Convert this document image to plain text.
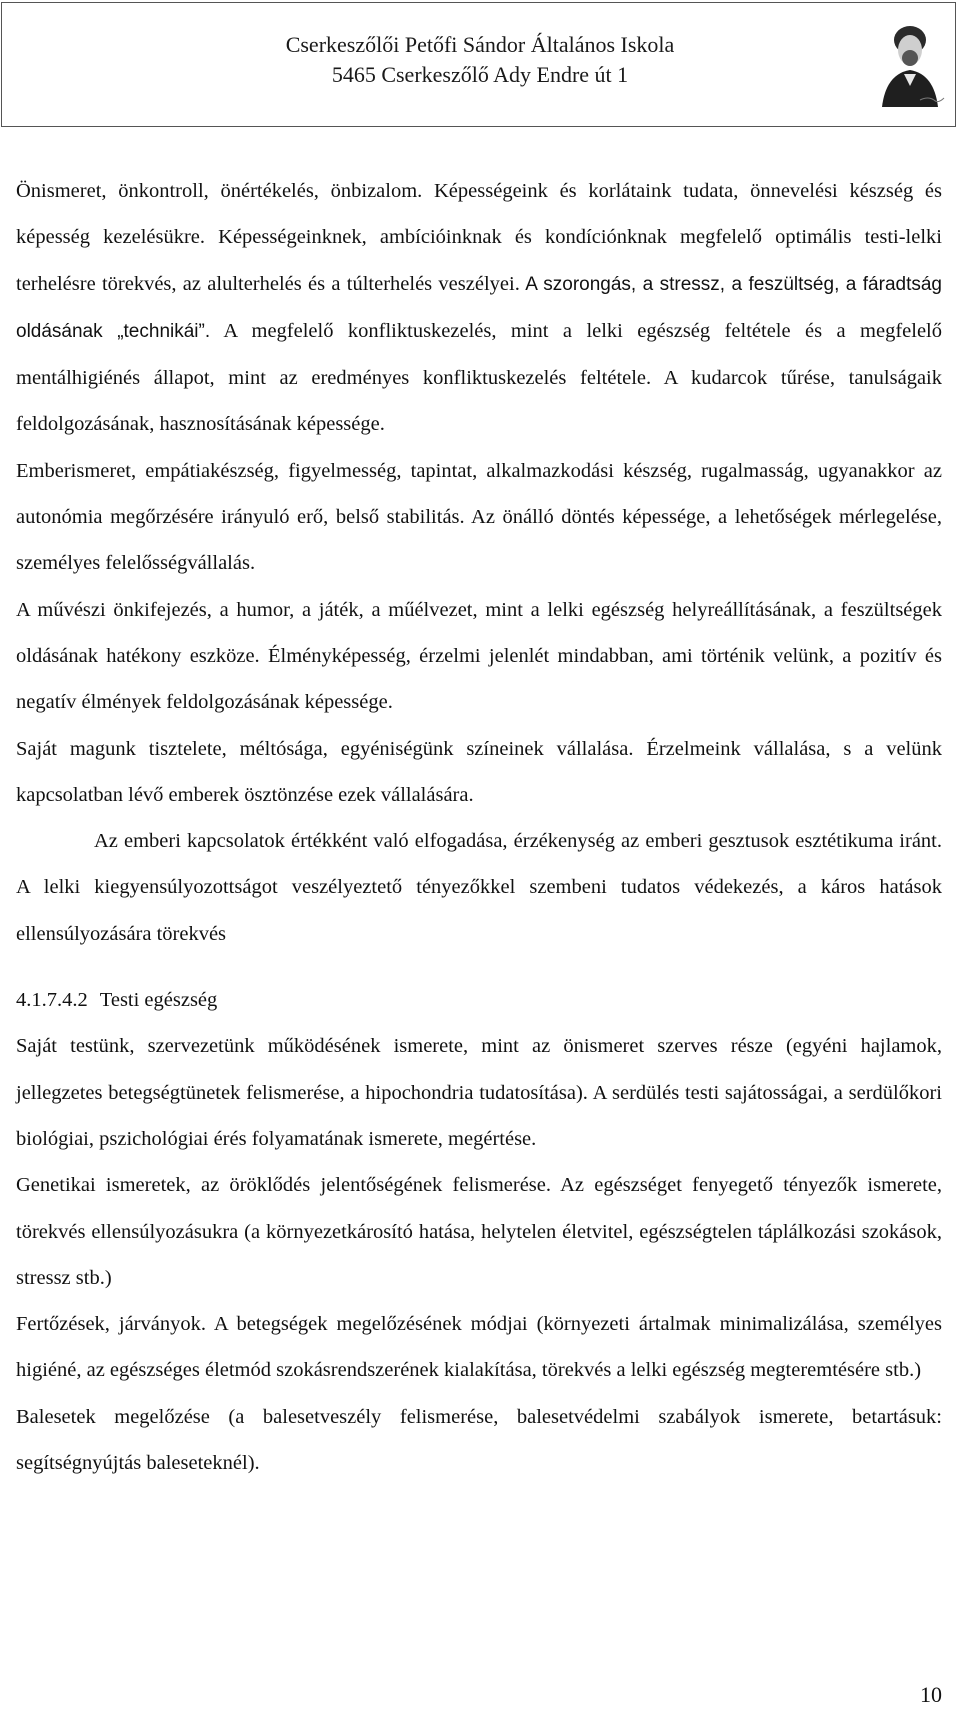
Cserkeszőlői Petőfi Sándor Általános Iskola
5465 Cserkeszőlő Ady Endre út 1

Önismeret, önkontroll, önértékelés, önbizalom. Képességeink és korlátaink tudata, önnevelési készség és képesség kezelésükre. Képességeinknek, ambícióinknak és kondíciónknak megfelelő optimális testi-lelki terhelésre törekvés, az alulterhelés és a túlterhelés veszélyei. A szorongás, a stressz, a feszültség, a fáradtság oldásának „technikái”. A megfelelő konfliktuskezelés, mint a lelki egészség feltétele és a megfelelő mentálhigiénés állapot, mint az eredményes konfliktuskezelés feltétele. A kudarcok tűrése, tanulságaik feldolgozásának, hasznosításának képessége.

Emberismeret, empátiakészség, figyelmesség, tapintat, alkalmazkodási készség, rugalmasság, ugyanakkor az autonómia megőrzésére irányuló erő, belső stabilitás. Az önálló döntés képessége, a lehetőségek mérlegelése, személyes felelősségvállalás.

A művészi önkifejezés, a humor, a játék, a műélvezet, mint a lelki egészség helyreállításának, a feszültségek oldásának hatékony eszköze. Élményképesség, érzelmi jelenlét mindabban, ami történik velünk, a pozitív és negatív élmények feldolgozásának képessége.

Saját magunk tisztelete, méltósága, egyéniségünk színeinek vállalása. Érzelmeink vállalása, s a velünk kapcsolatban lévő emberek ösztönzése ezek vállalására.

Az emberi kapcsolatok értékként való elfogadása, érzékenység az emberi gesztusok esztétikuma iránt. A lelki kiegyensúlyozottságot veszélyeztető tényezőkkel szembeni tudatos védekezés, a káros hatások ellensúlyozására törekvés

4.1.7.4.2 Testi egészség

Saját testünk, szervezetünk működésének ismerete, mint az önismeret szerves része (egyéni hajlamok, jellegzetes betegségtünetek felismerése, a hipochondria tudatosítása). A serdülés testi sajátosságai, a serdülőkori biológiai, pszichológiai érés folyamatának ismerete, megértése.

Genetikai ismeretek, az öröklődés jelentőségének felismerése. Az egészséget fenyegető tényezők ismerete, törekvés ellensúlyozásukra (a környezetkárosító hatása, helytelen életvitel, egészségtelen táplálkozási szokások, stressz stb.)

Fertőzések, járványok. A betegségek megelőzésének módjai (környezeti ártalmak minimalizálása, személyes higiéné, az egészséges életmód szokásrendszerének kialakítása, törekvés a lelki egészség megteremtésére stb.)

Balesetek megelőzése (a balesetveszély felismerése, balesetvédelmi szabályok ismerete, betartásuk: segítségnyújtás baleseteknél).

10
